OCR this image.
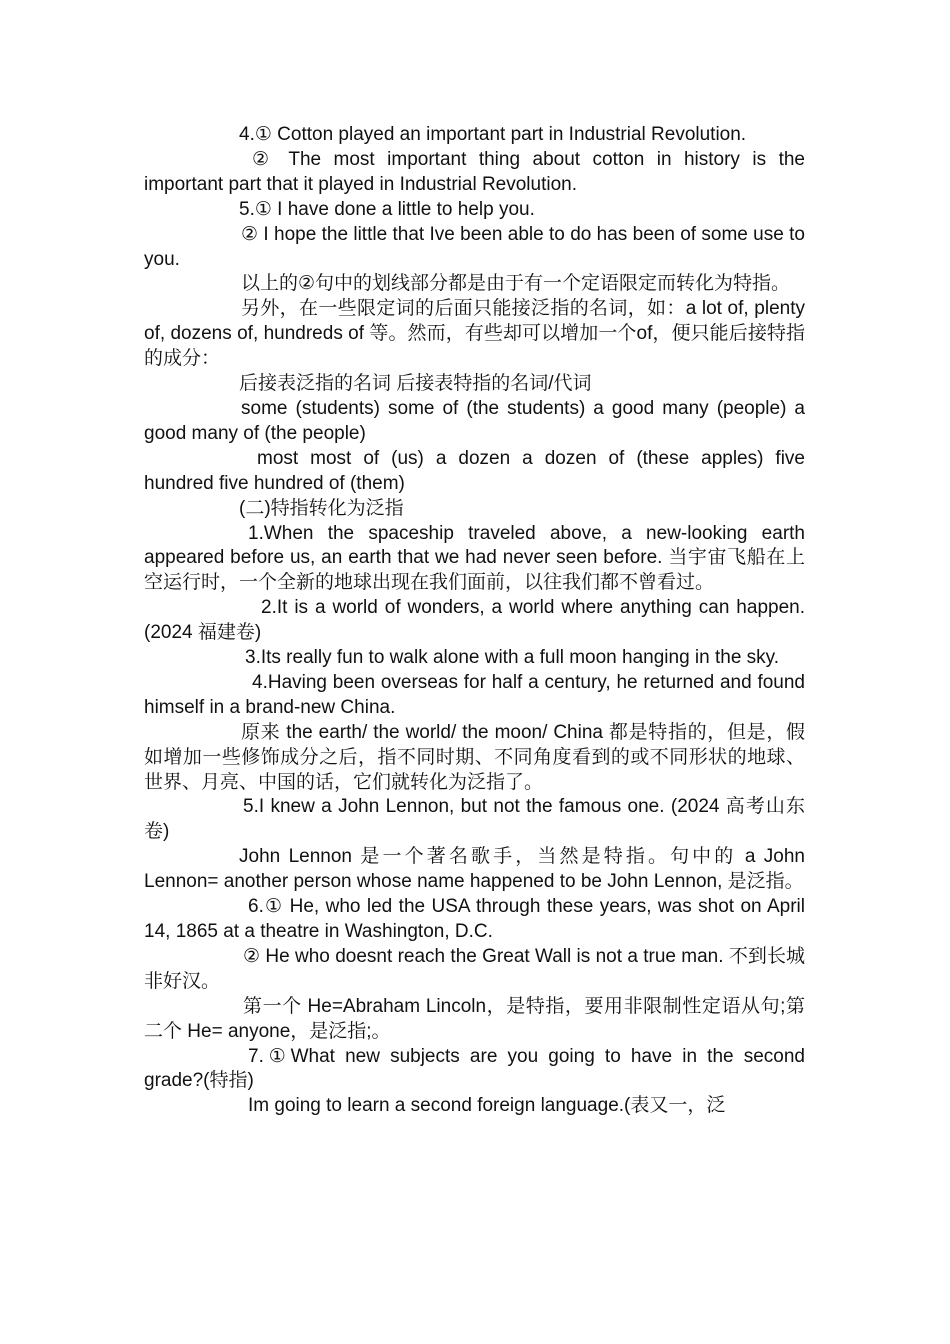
4.① Cotton played an important part in Industrial Revolution.

② The most important thing about cotton in history is the important part that it played in Industrial Revolution.

5.① I have done a little to help you.

② I hope the little that Ive been able to do has been of some use to you.

以上的②句中的划线部分都是由于有一个定语限定而转化为特指。

另外，在一些限定词的后面只能接泛指的名词，如：a lot of, plenty of, dozens of, hundreds of 等。然而，有些却可以增加一个of，便只能后接特指的成分：

后接表泛指的名词 后接表特指的名词/代词

some (students) some of (the students) a good many (people) a good many of (the people)

most most of (us) a dozen a dozen of (these apples) five hundred five hundred of (them)

(二)特指转化为泛指

1.When the spaceship traveled above, a new-looking earth appeared before us, an earth that we had never seen before. 当宇宙飞船在上空运行时，一个全新的地球出现在我们面前，以往我们都不曾看过。

2.It is a world of wonders, a world where anything can happen.(2024 福建卷)

3.Its really fun to walk alone with a full moon hanging in the sky.

4.Having been overseas for half a century, he returned and found himself in a brand-new China.

原来 the earth/ the world/ the moon/ China 都是特指的，但是，假如增加一些修饰成分之后，指不同时期、不同角度看到的或不同形状的地球、世界、月亮、中国的话，它们就转化为泛指了。

5.I knew a John Lennon, but not the famous one. (2024 高考山东卷)

John Lennon 是一个著名歌手，当然是特指。句中的 a John Lennon= another person whose name happened to be John Lennon, 是泛指。

6.① He, who led the USA through these years, was shot on April 14, 1865 at a theatre in Washington, D.C.

② He who doesnt reach the Great Wall is not a true man. 不到长城非好汉。

第一个 He=Abraham Lincoln，是特指，要用非限制性定语从句;第二个 He= anyone，是泛指;。

7.①What new subjects are you going to have in the second grade?(特指)

Im going to learn a second foreign language.(表又一，泛
